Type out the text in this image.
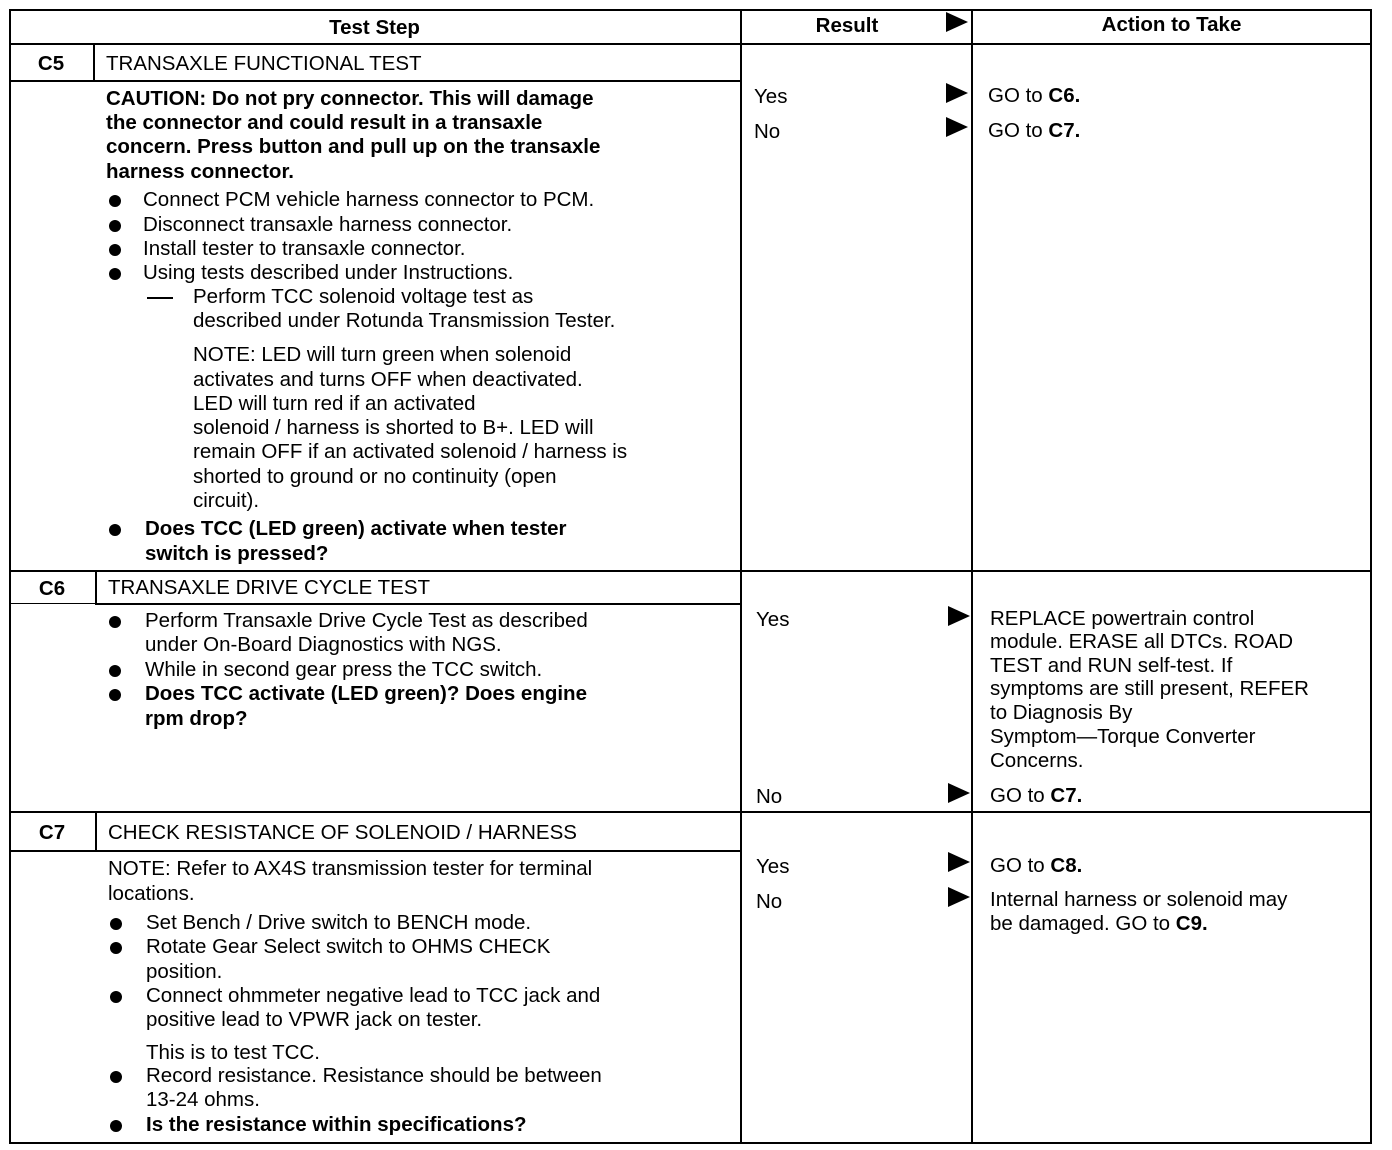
Test Step	Result	Action to Take
C5	TRANSAXLE FUNCTIONAL TEST
CAUTION: Do not pry connector. This will damage
the connector and could result in a transaxle
concern. Press button and pull up on the transaxle
harness connector.
Connect PCM vehicle harness connector to PCM.
Disconnect transaxle harness connector.
Install tester to transaxle connector.
Using tests described under Instructions.
Perform TCC solenoid voltage test as
described under Rotunda Transmission Tester.
NOTE: LED will turn green when solenoid
activates and turns OFF when deactivated.
LED will turn red if an activated
solenoid / harness is shorted to B+. LED will
remain OFF if an activated solenoid / harness is
shorted to ground or no continuity (open
circuit).
Does TCC (LED green) activate when tester
switch is pressed?
Yes	GO to C6.
No	GO to C7.
C6	TRANSAXLE DRIVE CYCLE TEST
Perform Transaxle Drive Cycle Test as described
under On-Board Diagnostics with NGS.
While in second gear press the TCC switch.
Does TCC activate (LED green)? Does engine
rpm drop?
Yes	REPLACE powertrain control
module. ERASE all DTCs. ROAD
TEST and RUN self-test. If
symptoms are still present, REFER
to Diagnosis By
Symptom—Torque Converter
Concerns.
No	GO to C7.
C7	CHECK RESISTANCE OF SOLENOID / HARNESS
NOTE: Refer to AX4S transmission tester for terminal
locations.
Set Bench / Drive switch to BENCH mode.
Rotate Gear Select switch to OHMS CHECK
position.
Connect ohmmeter negative lead to TCC jack and
positive lead to VPWR jack on tester.
This is to test TCC.
Record resistance. Resistance should be between
13-24 ohms.
Is the resistance within specifications?
Yes	GO to C8.
No	Internal harness or solenoid may
be damaged. GO to C9.
